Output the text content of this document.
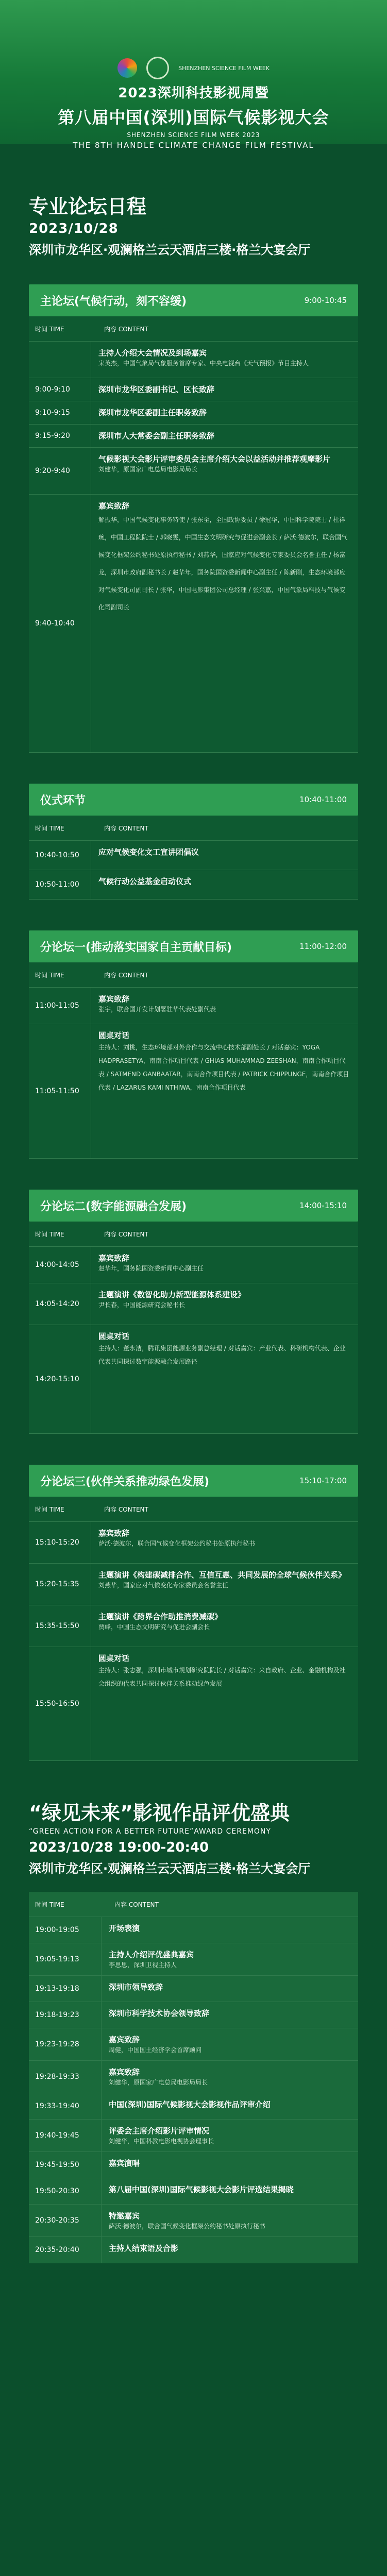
SHENZHEN SCIENCE FILM WEEK
2023深圳科技影视周暨
第八届中国(深圳)国际气候影视大会
SHENZHEN SCIENCE FILM WEEK 2023
THE 8TH HANDLE CLIMATE CHANGE FILM FESTIVAL
专业论坛日程
2023/10/28
深圳市龙华区·观澜格兰云天酒店三楼·格兰大宴会厅
主论坛(气候行动，刻不容缓)	9:00-10:45
时间 TIME	内容 CONTENT
主持人介绍大会情况及到场嘉宾
宋英杰，中国气象局气象服务首席专家、中央电视台《天气预报》节目主持人
9:00-9:10	深圳市龙华区委副书记、区长致辞
9:10-9:15	深圳市龙华区委副主任职务致辞
9:15-9:20	深圳市人大常委会副主任职务致辞
9:20-9:40
气候影视大会影片评审委员会主席介绍大会以益活动并推荐观摩影片
刘健华，原国家广电总局电影局局长
9:40-10:40
嘉宾致辞
解振华，中国气候变化事务特使 / 张东至，全国政协委员 / 徐冠华，中国科学院院士 / 杜祥琬，中国工程院院士 / 郭晓雯，中国生态文明研究与促进会副会长 / 萨沃·德波尔，联合国气候变化框架公约秘书处原执行秘书 / 刘燕华，国家应对气候变化专家委员会名誉主任 / 杨富龙，深圳市政府副秘书长 / 赵华年，国务院国资委新闻中心副主任 / 陈新刚，生态环境部应对气候变化司副司长 / 张华，中国电影集团公司总经理 / 张兴嘉，中国气象局科技与气候变化司副司长
仪式环节	10:40-11:00
时间 TIME	内容 CONTENT
10:40-10:50	应对气候变化文工宣讲团倡议
10:50-11:00	气候行动公益基金启动仪式
分论坛一(推动落实国家自主贡献目标)	11:00-12:00
时间 TIME	内容 CONTENT
11:00-11:05
嘉宾致辞
张宇，联合国开发计划署驻华代表处副代表
11:05-11:50
圆桌对话
主持人：刘桃，生态环境部对外合作与交流中心技术部副处长 / 对话嘉宾：YOGA HADPRASETYA，南南合作项目代表 / GHIAS MUHAMMAD ZEESHAN，南南合作项目代表 / SATMEND GANBAATAR，南南合作项目代表 / PATRICK CHIPPUNGE，南南合作项目代表 / LAZARUS KAMI NTHIWA，南南合作项目代表
分论坛二(数字能源融合发展)	14:00-15:10
时间 TIME	内容 CONTENT
14:00-14:05
嘉宾致辞
赵华年，国务院国资委新闻中心副主任
14:05-14:20
主题演讲《数智化助力新型能源体系建设》
尹长春，中国能源研究会秘书长
14:20-15:10
圆桌对话
主持人：董永洁，腾讯集团能源业务副总经理 / 对话嘉宾：产业代表、科研机构代表、企业代表共同探讨数字能源融合发展路径
分论坛三(伙伴关系推动绿色发展)	15:10-17:00
时间 TIME	内容 CONTENT
15:10-15:20
嘉宾致辞
萨沃·德波尔，联合国气候变化框架公约秘书处原执行秘书
15:20-15:35
主题演讲《构建碳减排合作、互信互惠、共同发展的全球气候伙伴关系》
刘燕华，国家应对气候变化专家委员会名誉主任
15:35-15:50
主题演讲《跨界合作助推消费减碳》
贾峰，中国生态文明研究与促进会副会长
15:50-16:50
圆桌对话
主持人：张志强，深圳市城市规划研究院院长 / 对话嘉宾：来自政府、企业、金融机构及社会组织的代表共同探讨伙伴关系推动绿色发展
“绿见未来”影视作品评优盛典
“GREEN ACTION FOR A BETTER FUTURE”AWARD CEREMONY
2023/10/28 19:00-20:40
深圳市龙华区·观澜格兰云天酒店三楼·格兰大宴会厅
时间 TIME	内容 CONTENT
19:00-19:05	开场表演
19:05-19:13	主持人介绍评优盛典嘉宾
李思思，深圳卫视主持人
19:13-19:18	深圳市领导致辞
19:18-19:23	深圳市科学技术协会领导致辞
19:23-19:28	嘉宾致辞
周健，中国国土经济学会首席顾问
19:28-19:33	嘉宾致辞
刘健华，原国家广电总局电影局局长
19:33-19:40	中国(深圳)国际气候影视大会影视作品评审介绍
19:40-19:45	评委会主席介绍影片评审情况
刘健华，中国科教电影电视协会理事长
19:45-19:50	嘉宾演唱
19:50-20:30	第八届中国(深圳)国际气候影视大会影片评选结果揭晓
20:30-20:35	特邀嘉宾
萨沃·德波尔，联合国气候变化框架公约秘书处原执行秘书
20:35-20:40	主持人结束语及合影
